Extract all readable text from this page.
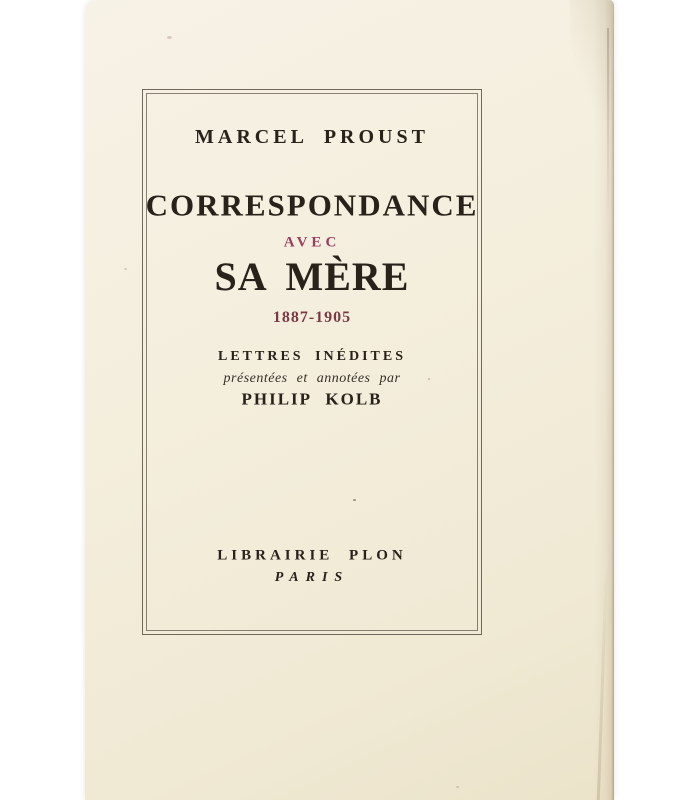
MARCEL PROUST
CORRESPONDANCE
AVEC
SA MÈRE
1887-1905
LETTRES INÉDITES
présentées et annotées par
PHILIP KOLB
LIBRAIRIE PLON
PARIS
